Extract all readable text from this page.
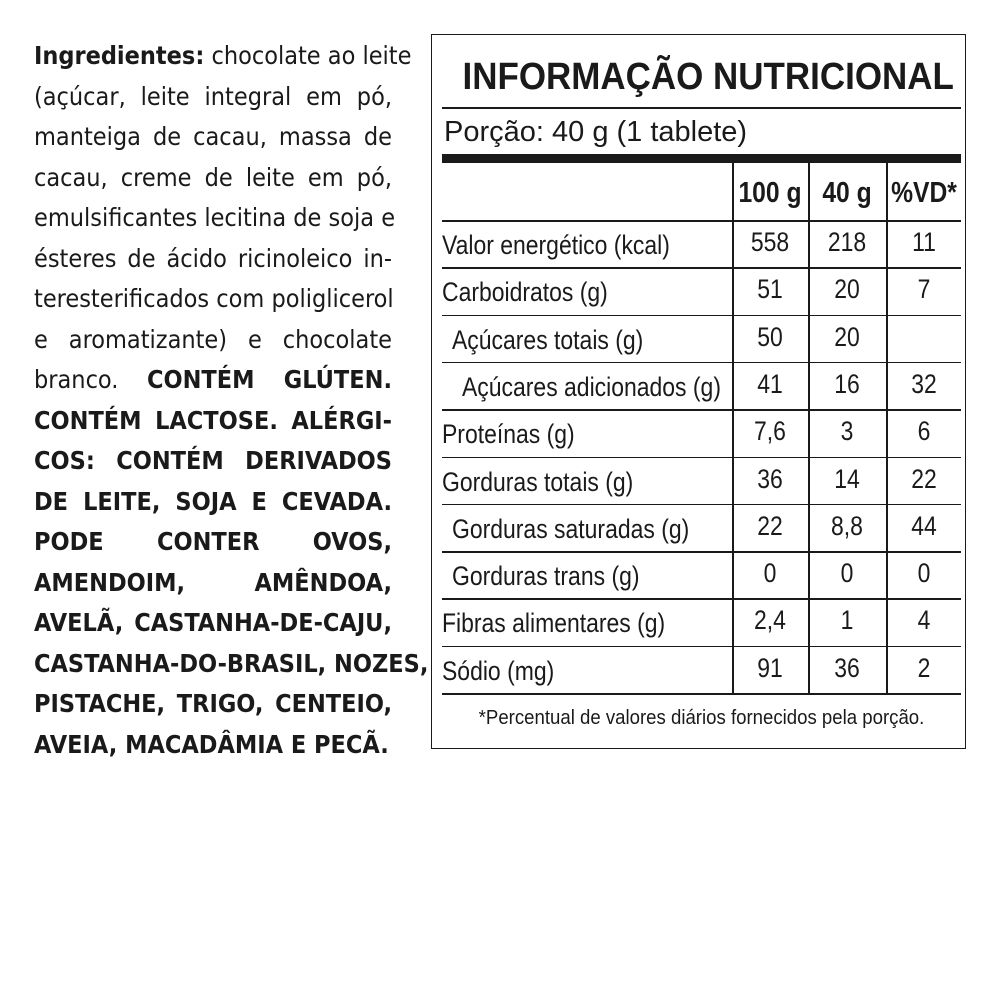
Ingredientes: chocolate ao leite
(açúcar, leite integral em pó,
manteiga de cacau, massa de
cacau, creme de leite em pó,
emulsificantes lecitina de soja e
ésteres de ácido ricinoleico in-
teresterificados com poliglicerol
e aromatizante) e chocolate
branco. CONTÉM GLÚTEN.
CONTÉM LACTOSE. ALÉRGI-
COS: CONTÉM DERIVADOS
DE LEITE, SOJA E CEVADA.
PODE CONTER OVOS,
AMENDOIM, AMÊNDOA,
AVELÃ, CASTANHA-DE-CAJU,
CASTANHA-DO-BRASIL, NOZES,
PISTACHE, TRIGO, CENTEIO,
AVEIA, MACADÂMIA E PECÃ.
INFORMAÇÃO NUTRICIONAL
Porção: 40 g (1 tablete)
100 g 40 g %VD*
Valor energético (kcal)	558	218	11
Carboidratos (g)	51	20	7
Açúcares totais (g)	50	20
Açúcares adicionados (g)	41	16	32
Proteínas (g)	7,6	3	6
Gorduras totais (g)	36	14	22
Gorduras saturadas (g)	22	8,8	44
Gorduras trans (g)	0	0	0
Fibras alimentares (g)	2,4	1	4
Sódio (mg)	91	36	2
*Percentual de valores diários fornecidos pela porção.
